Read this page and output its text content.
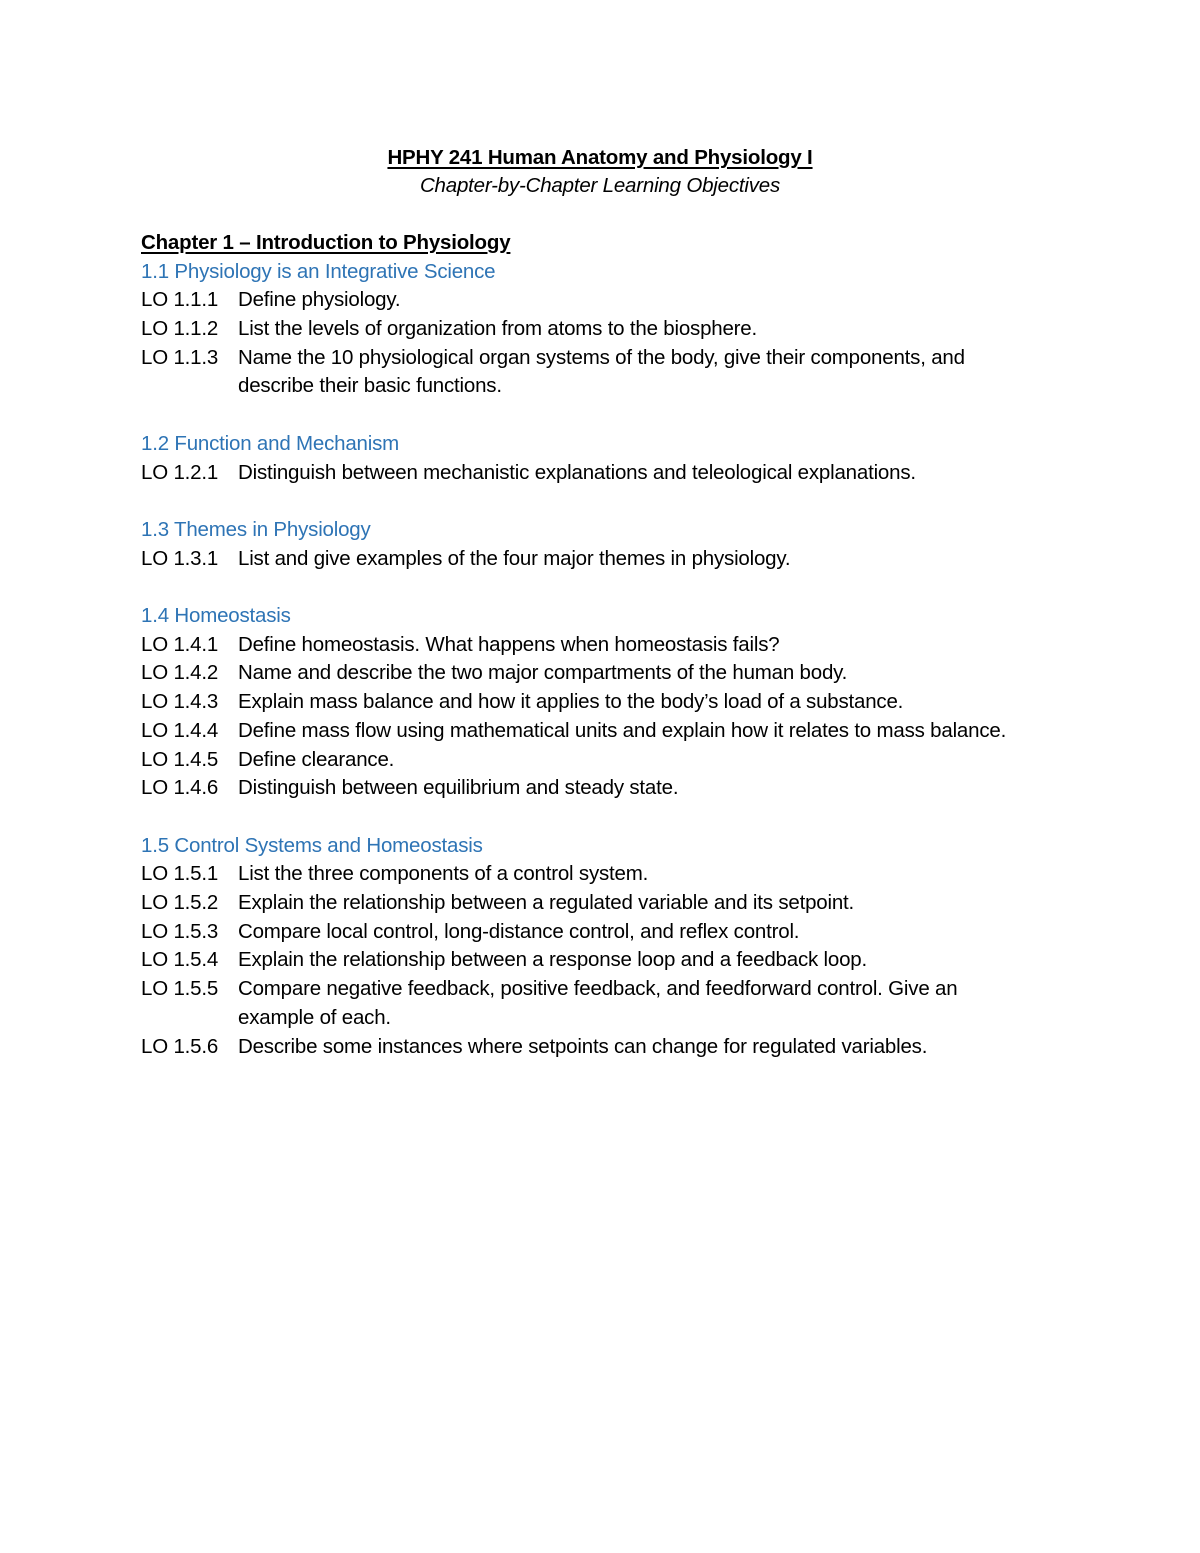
HPHY 241 Human Anatomy and Physiology I
Chapter-by-Chapter Learning Objectives
Chapter 1 – Introduction to Physiology
1.1 Physiology is an Integrative Science
LO 1.1.1 Define physiology.
LO 1.1.2 List the levels of organization from atoms to the biosphere.
LO 1.1.3 Name the 10 physiological organ systems of the body, give their components, and describe their basic functions.
1.2 Function and Mechanism
LO 1.2.1 Distinguish between mechanistic explanations and teleological explanations.
1.3 Themes in Physiology
LO 1.3.1 List and give examples of the four major themes in physiology.
1.4 Homeostasis
LO 1.4.1 Define homeostasis. What happens when homeostasis fails?
LO 1.4.2 Name and describe the two major compartments of the human body.
LO 1.4.3 Explain mass balance and how it applies to the body’s load of a substance.
LO 1.4.4 Define mass flow using mathematical units and explain how it relates to mass balance.
LO 1.4.5 Define clearance.
LO 1.4.6 Distinguish between equilibrium and steady state.
1.5 Control Systems and Homeostasis
LO 1.5.1 List the three components of a control system.
LO 1.5.2 Explain the relationship between a regulated variable and its setpoint.
LO 1.5.3 Compare local control, long-distance control, and reflex control.
LO 1.5.4 Explain the relationship between a response loop and a feedback loop.
LO 1.5.5 Compare negative feedback, positive feedback, and feedforward control. Give an example of each.
LO 1.5.6 Describe some instances where setpoints can change for regulated variables.
